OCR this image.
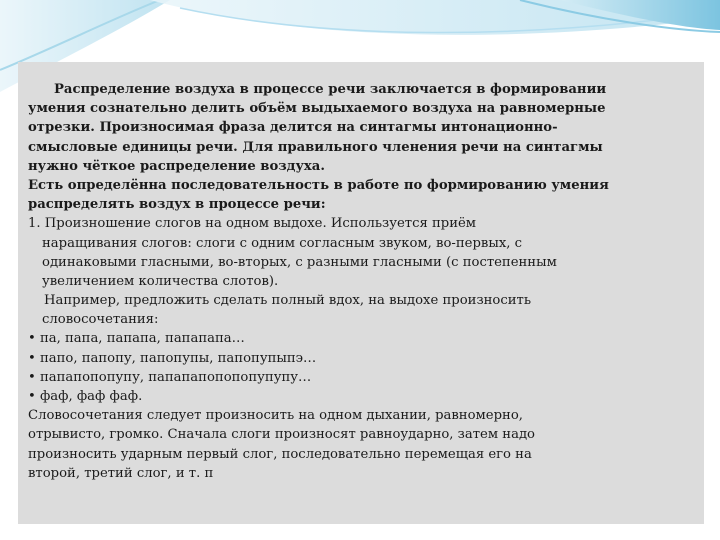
Распределение воздуха в процессе речи заключается в формировании
умения сознательно делить объём выдыхаемого воздуха на равномерные
отрезки. Произносимая фраза делится на синтагмы интонационно-
смысловые единицы речи. Для правильного членения речи на синтагмы
нужно чёткое распределение воздуха.
Есть определённа последовательность в работе по формированию умения
распределять воздух в процессе речи:
1. Произношение слогов на одном выдохе. Используется приём
наращивания слогов: слоги с одним согласным звуком, во-первых, с
одинаковыми гласными, во-вторых, с разными гласными (с постепенным
увеличением количества слотов).
Например, предложить сделать полный вдох, на выдохе произносить
словосочетания:
• па, папа, папапа, папапапа…
• папо, папопу, папопупы, папопупыпэ…
• папапопопупу, папапапопопопупупу…
• фаф, фаф фаф.
Словосочетания следует произносить на одном дыхании, равномерно,
отрывисто, громко. Сначала слоги произносят равноударно, затем надо
произносить ударным первый слог, последовательно перемещая его на
второй, третий слог, и т. п
